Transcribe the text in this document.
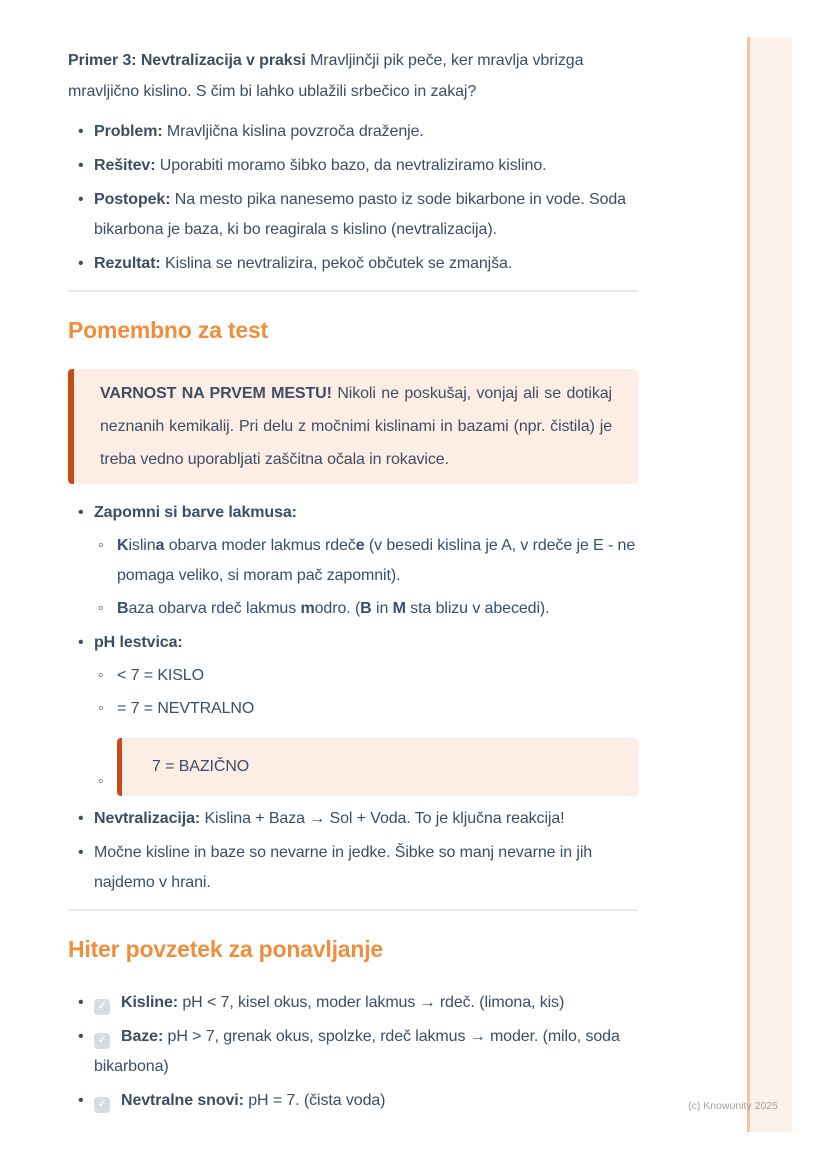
Primer 3: Nevtralizacija v praksi Mravljinčji pik peče, ker mravlja vbrizga mravljično kislino. S čim bi lahko ublažili srbečico in zakaj?

• Problem: Mravljična kislina povzroča draženje.
• Rešitev: Uporabiti moramo šibko bazo, da nevtraliziramo kislino.
• Postopek: Na mesto pika nanesemo pasto iz sode bikarbone in vode. Soda bikarbona je baza, ki bo reagirala s kislino (nevtralizacija).
• Rezultat: Kislina se nevtralizira, pekoč občutek se zmanjša.
Pomembno za test
VARNOST NA PRVEM MESTU! Nikoli ne poskušaj, vonjaj ali se dotikaj neznanih kemikalij. Pri delu z močnimi kislinami in bazami (npr. čistila) je treba vedno uporabljati zaščitna očala in rokavice.
• Zapomni si barve lakmusa:
◦ Kislina obarva moder lakmus rdeče (v besedi kislina je A, v rdeče je E - ne pomaga veliko, si moram pač zapomnit).
◦ Baza obarva rdeč lakmus modro. (B in M sta blizu v abecedi).
• pH lestvica:
◦ < 7 = KISLO
◦ = 7 = NEVTRALNO
◦ 7 = BAZIČNO
• Nevtralizacija: Kislina + Baza → Sol + Voda. To je ključna reakcija!
• Močne kisline in baze so nevarne in jedke. Šibke so manj nevarne in jih najdemo v hrani.
Hiter povzetek za ponavljanje
• ✓ Kisline: pH < 7, kisel okus, moder lakmus → rdeč. (limona, kis)
• ✓ Baze: pH > 7, grenak okus, spolzke, rdeč lakmus → moder. (milo, soda bikarbona)
• ✓ Nevtralne snovi: pH = 7. (čista voda)	(c) Knowunity 2025
